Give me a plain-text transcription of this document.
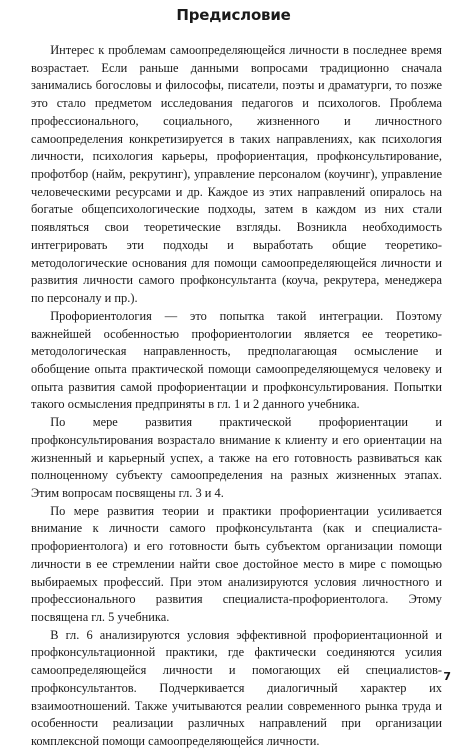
Предисловие

Интерес к проблемам самоопределяющейся личности в последнее время возрастает. Если раньше данными вопросами традиционно сначала занимались богословы и философы, писатели, поэты и драматурги, то позже это стало предметом исследования педагогов и психологов. Проблема профессионального, социального, жизненного и личностного самоопределения конкретизируется в таких направлениях, как психология личности, психология карьеры, профориентация, профконсультирование, профотбор (найм, рекрутинг), управление персоналом (коучинг), управление человеческими ресурсами и др. Каждое из этих направлений опиралось на богатые общепсихологические подходы, затем в каждом из них стали появляться свои теоретические взгляды. Возникла необходимость интегрировать эти подходы и выработать общие теоретико-методологические основания для помощи самоопределяющейся личности и развития личности самого профконсультанта (коуча, рекрутера, менеджера по персоналу и пр.).

Профориентология — это попытка такой интеграции. Поэтому важнейшей особенностью профориентологии является ее теоретико-методологическая направленность, предполагающая осмысление и обобщение опыта практической помощи самоопределяющемуся человеку и опыта развития самой профориентации и профконсультирования. Попытки такого осмысления предприняты в гл. 1 и 2 данного учебника.

По мере развития практической профориентации и профконсультирования возрастало внимание к клиенту и его ориентации на жизненный и карьерный успех, а также на его готовность развиваться как полноценному субъекту самоопределения на разных жизненных этапах. Этим вопросам посвящены гл. 3 и 4.

По мере развития теории и практики профориентации усиливается внимание к личности самого профконсультанта (как и специалиста-профориентолога) и его готовности быть субъектом организации помощи личности в ее стремлении найти свое достойное место в мире с помощью выбираемых профессий. При этом анализируются условия личностного и профессионального развития специалиста-профориентолога. Этому посвящена гл. 5 учебника.

В гл. 6 анализируются условия эффективной профориентационной и профконсультационной практики, где фактически соединяются усилия самоопределяющейся личности и помогающих ей специалистов-профконсультантов. Подчеркивается диалогичный характер их взаимоотношений. Также учитываются реалии современного рынка труда и особенности реализации различных направлений при организации комплексной помощи самоопределяющейся личности.

7
